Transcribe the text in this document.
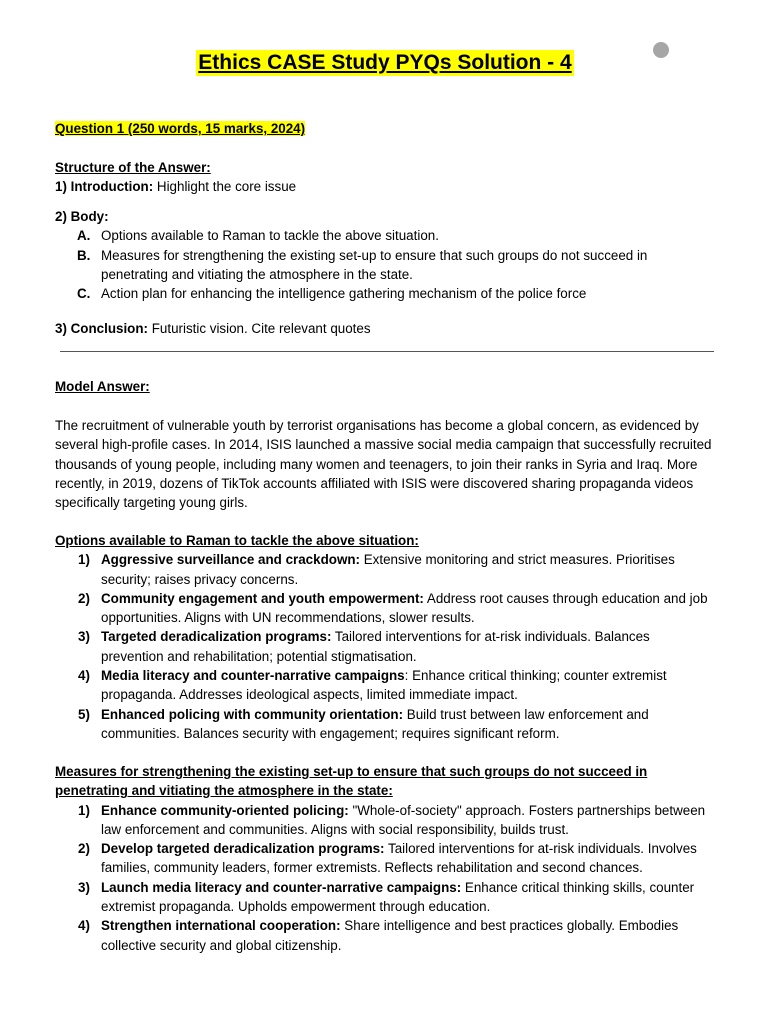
Ethics CASE Study PYQs Solution - 4
Question 1 (250 words, 15 marks, 2024)

Structure of the Answer:

1) Introduction: Highlight the core issue

2) Body:

A. Options available to Raman to tackle the above situation.
B. Measures for strengthening the existing set-up to ensure that such groups do not succeed in penetrating and vitiating the atmosphere in the state.
C. Action plan for enhancing the intelligence gathering mechanism of the police force

3) Conclusion: Futuristic vision. Cite relevant quotes

Model Answer:

The recruitment of vulnerable youth by terrorist organisations has become a global concern, as evidenced by several high-profile cases. In 2014, ISIS launched a massive social media campaign that successfully recruited thousands of young people, including many women and teenagers, to join their ranks in Syria and Iraq. More recently, in 2019, dozens of TikTok accounts affiliated with ISIS were discovered sharing propaganda videos specifically targeting young girls.

Options available to Raman to tackle the above situation:

1) Aggressive surveillance and crackdown: Extensive monitoring and strict measures. Prioritises security; raises privacy concerns.
2) Community engagement and youth empowerment: Address root causes through education and job opportunities. Aligns with UN recommendations, slower results.
3) Targeted deradicalization programs: Tailored interventions for at-risk individuals. Balances prevention and rehabilitation; potential stigmatisation.
4) Media literacy and counter-narrative campaigns: Enhance critical thinking; counter extremist propaganda. Addresses ideological aspects, limited immediate impact.
5) Enhanced policing with community orientation: Build trust between law enforcement and communities. Balances security with engagement; requires significant reform.

Measures for strengthening the existing set-up to ensure that such groups do not succeed in penetrating and vitiating the atmosphere in the state:

1) Enhance community-oriented policing: "Whole-of-society" approach. Fosters partnerships between law enforcement and communities. Aligns with social responsibility, builds trust.
2) Develop targeted deradicalization programs: Tailored interventions for at-risk individuals. Involves families, community leaders, former extremists. Reflects rehabilitation and second chances.
3) Launch media literacy and counter-narrative campaigns: Enhance critical thinking skills, counter extremist propaganda. Upholds empowerment through education.
4) Strengthen international cooperation: Share intelligence and best practices globally. Embodies collective security and global citizenship.
